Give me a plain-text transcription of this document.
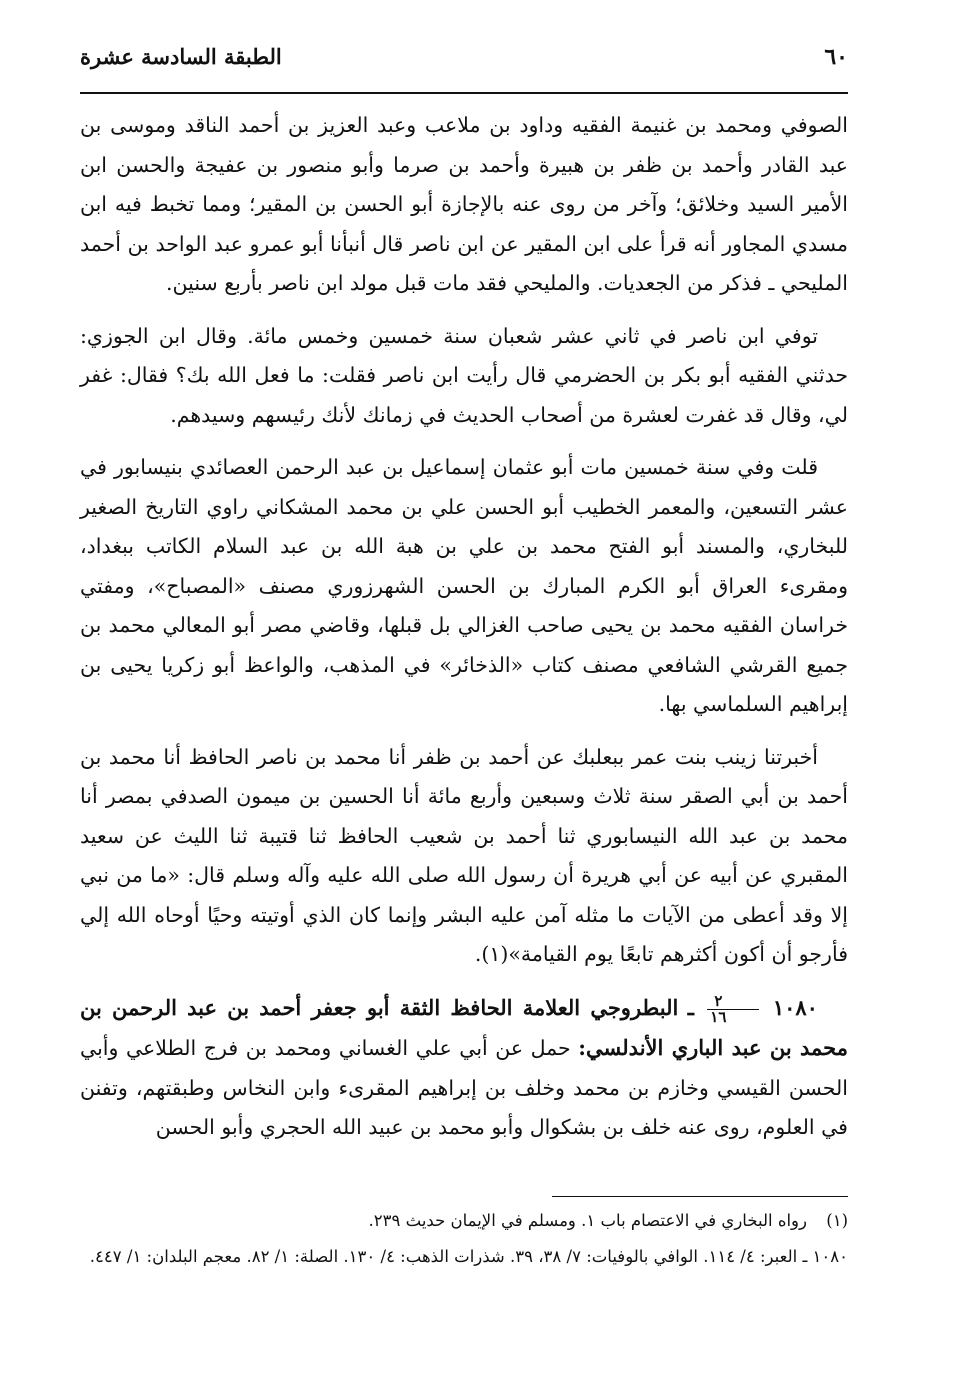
٦٠
الطبقة السادسة عشرة

الصوفي ومحمد بن غنيمة الفقيه وداود بن ملاعب وعبد العزيز بن أحمد الناقد وموسى بن عبد القادر وأحمد بن ظفر بن هبيرة وأحمد بن صرما وأبو منصور بن عفيجة والحسن ابن الأمير السيد وخلائق؛ وآخر من روى عنه بالإجازة أبو الحسن بن المقير؛ ومما تخبط فيه ابن مسدي المجاور أنه قرأ على ابن المقير عن ابن ناصر قال أنبأنا أبو عمرو عبد الواحد بن أحمد المليحي ـ فذكر من الجعديات. والمليحي فقد مات قبل مولد ابن ناصر بأربع سنين.

توفي ابن ناصر في ثاني عشر شعبان سنة خمسين وخمس مائة. وقال ابن الجوزي: حدثني الفقيه أبو بكر بن الحضرمي قال رأيت ابن ناصر فقلت: ما فعل الله بك؟ فقال: غفر لي، وقال قد غفرت لعشرة من أصحاب الحديث في زمانك لأنك رئيسهم وسيدهم.

قلت وفي سنة خمسين مات أبو عثمان إسماعيل بن عبد الرحمن العصائدي بنيسابور في عشر التسعين، والمعمر الخطيب أبو الحسن علي بن محمد المشكاني راوي التاريخ الصغير للبخاري، والمسند أبو الفتح محمد بن علي بن هبة الله بن عبد السلام الكاتب ببغداد، ومقرىء العراق أبو الكرم المبارك بن الحسن الشهرزوري مصنف «المصباح»، ومفتي خراسان الفقيه محمد بن يحيى صاحب الغزالي بل قبلها، وقاضي مصر أبو المعالي محمد بن جميع القرشي الشافعي مصنف كتاب «الذخائر» في المذهب، والواعظ أبو زكريا يحيى بن إبراهيم السلماسي بها.

أخبرتنا زينب بنت عمر ببعلبك عن أحمد بن ظفر أنا محمد بن ناصر الحافظ أنا محمد بن أحمد بن أبي الصقر سنة ثلاث وسبعين وأربع مائة أنا الحسين بن ميمون الصدفي بمصر أنا محمد بن عبد الله النيسابوري ثنا أحمد بن شعيب الحافظ ثنا قتيبة ثنا الليث عن سعيد المقبري عن أبيه عن أبي هريرة أن رسول الله صلى الله عليه وآله وسلم قال: «ما من نبي إلا وقد أعطى من الآيات ما مثله آمن عليه البشر وإنما كان الذي أوتيته وحيًا أوحاه الله إلي فأرجو أن أكون أكثرهم تابعًا يوم القيامة»(١).

١٠٨٠
$\frac{٢}{١٦}$
ـ البطروجي العلامة الحافظ الثقة أبو جعفر أحمد بن عبد الرحمن بن محمد بن عبد الباري الأندلسي: حمل عن أبي علي الغساني ومحمد بن فرج الطلاعي وأبي الحسن القيسي وخازم بن محمد وخلف بن إبراهيم المقرىء وابن النخاس وطبقتهم، وتفنن في العلوم، روى عنه خلف بن بشكوال وأبو محمد بن عبيد الله الحجري وأبو الحسن

(١) رواه البخاري في الاعتصام باب ١. ومسلم في الإيمان حديث ٢٣٩.

١٠٨٠ ـ العبر: ٤/ ١١٤. الوافي بالوفيات: ٧/ ٣٨، ٣٩. شذرات الذهب: ٤/ ١٣٠. الصلة: ١/ ٨٢. معجم البلدان: ١/ ٤٤٧.
